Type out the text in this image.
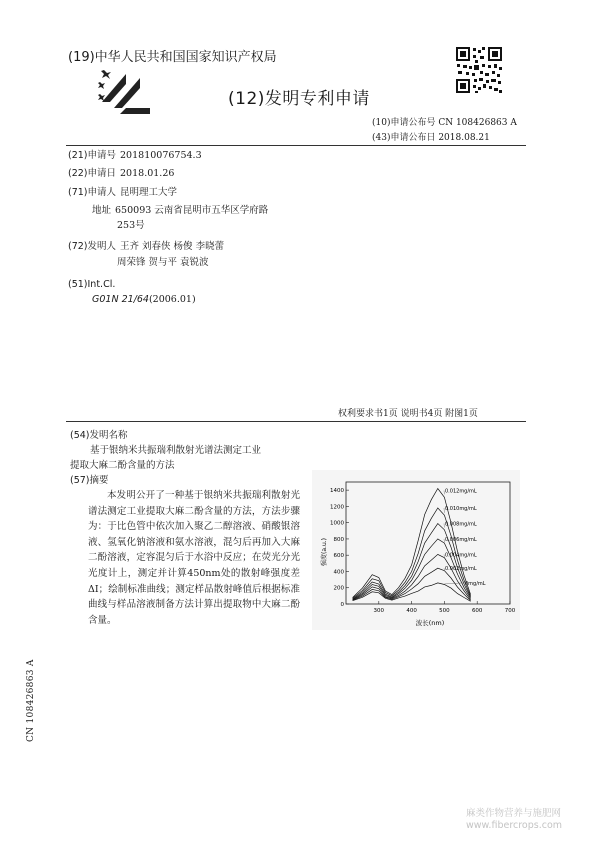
(19)中华人民共和国国家知识产权局
(12)发明专利申请
(10)申请公布号 CN 108426863 A
(43)申请公布日 2018.08.21
(21)申请号 201810076754.3
(22)申请日 2018.01.26
(71)申请人 昆明理工大学
地址 650093 云南省昆明市五华区学府路
253号
(72)发明人 王齐 刘春侠 杨俊 李晓蕾
周荣锋 贺与平 袁锐波
(51)Int.Cl.
G01N 21/64(2006.01)
权利要求书1页 说明书4页 附图1页
(54)发明名称
基于银纳米共振瑞利散射光谱法测定工业
提取大麻二酚含量的方法
(57)摘要

本发明公开了一种基于银纳米共振瑞利散射光谱法测定工业提取大麻二酚含量的方法，方法步骤为：于比色管中依次加入聚乙二醇溶液、硝酸银溶液、氢氧化钠溶液和氨水溶液，混匀后再加入大麻二酚溶液，定容混匀后于水浴中反应；在荧光分光光度计上，测定并计算450nm处的散射峰强度差ΔI；绘制标准曲线；测定样品散射峰值后根据标准曲线与样品溶液制备方法计算出提取物中大麻二酚含量。

300	400	500	600	700
0
200
400
600
800
1000
1200
1400	0.012mg/mL
0.010mg/mL
0.008mg/mL
0.006mg/mL
0.004mg/mL
0.002mg/mL
0mg/mL
波长(nm)
强度(a.u.)
CN 108426863 A
麻类作物营养与施肥网
www.fibercrops.com
